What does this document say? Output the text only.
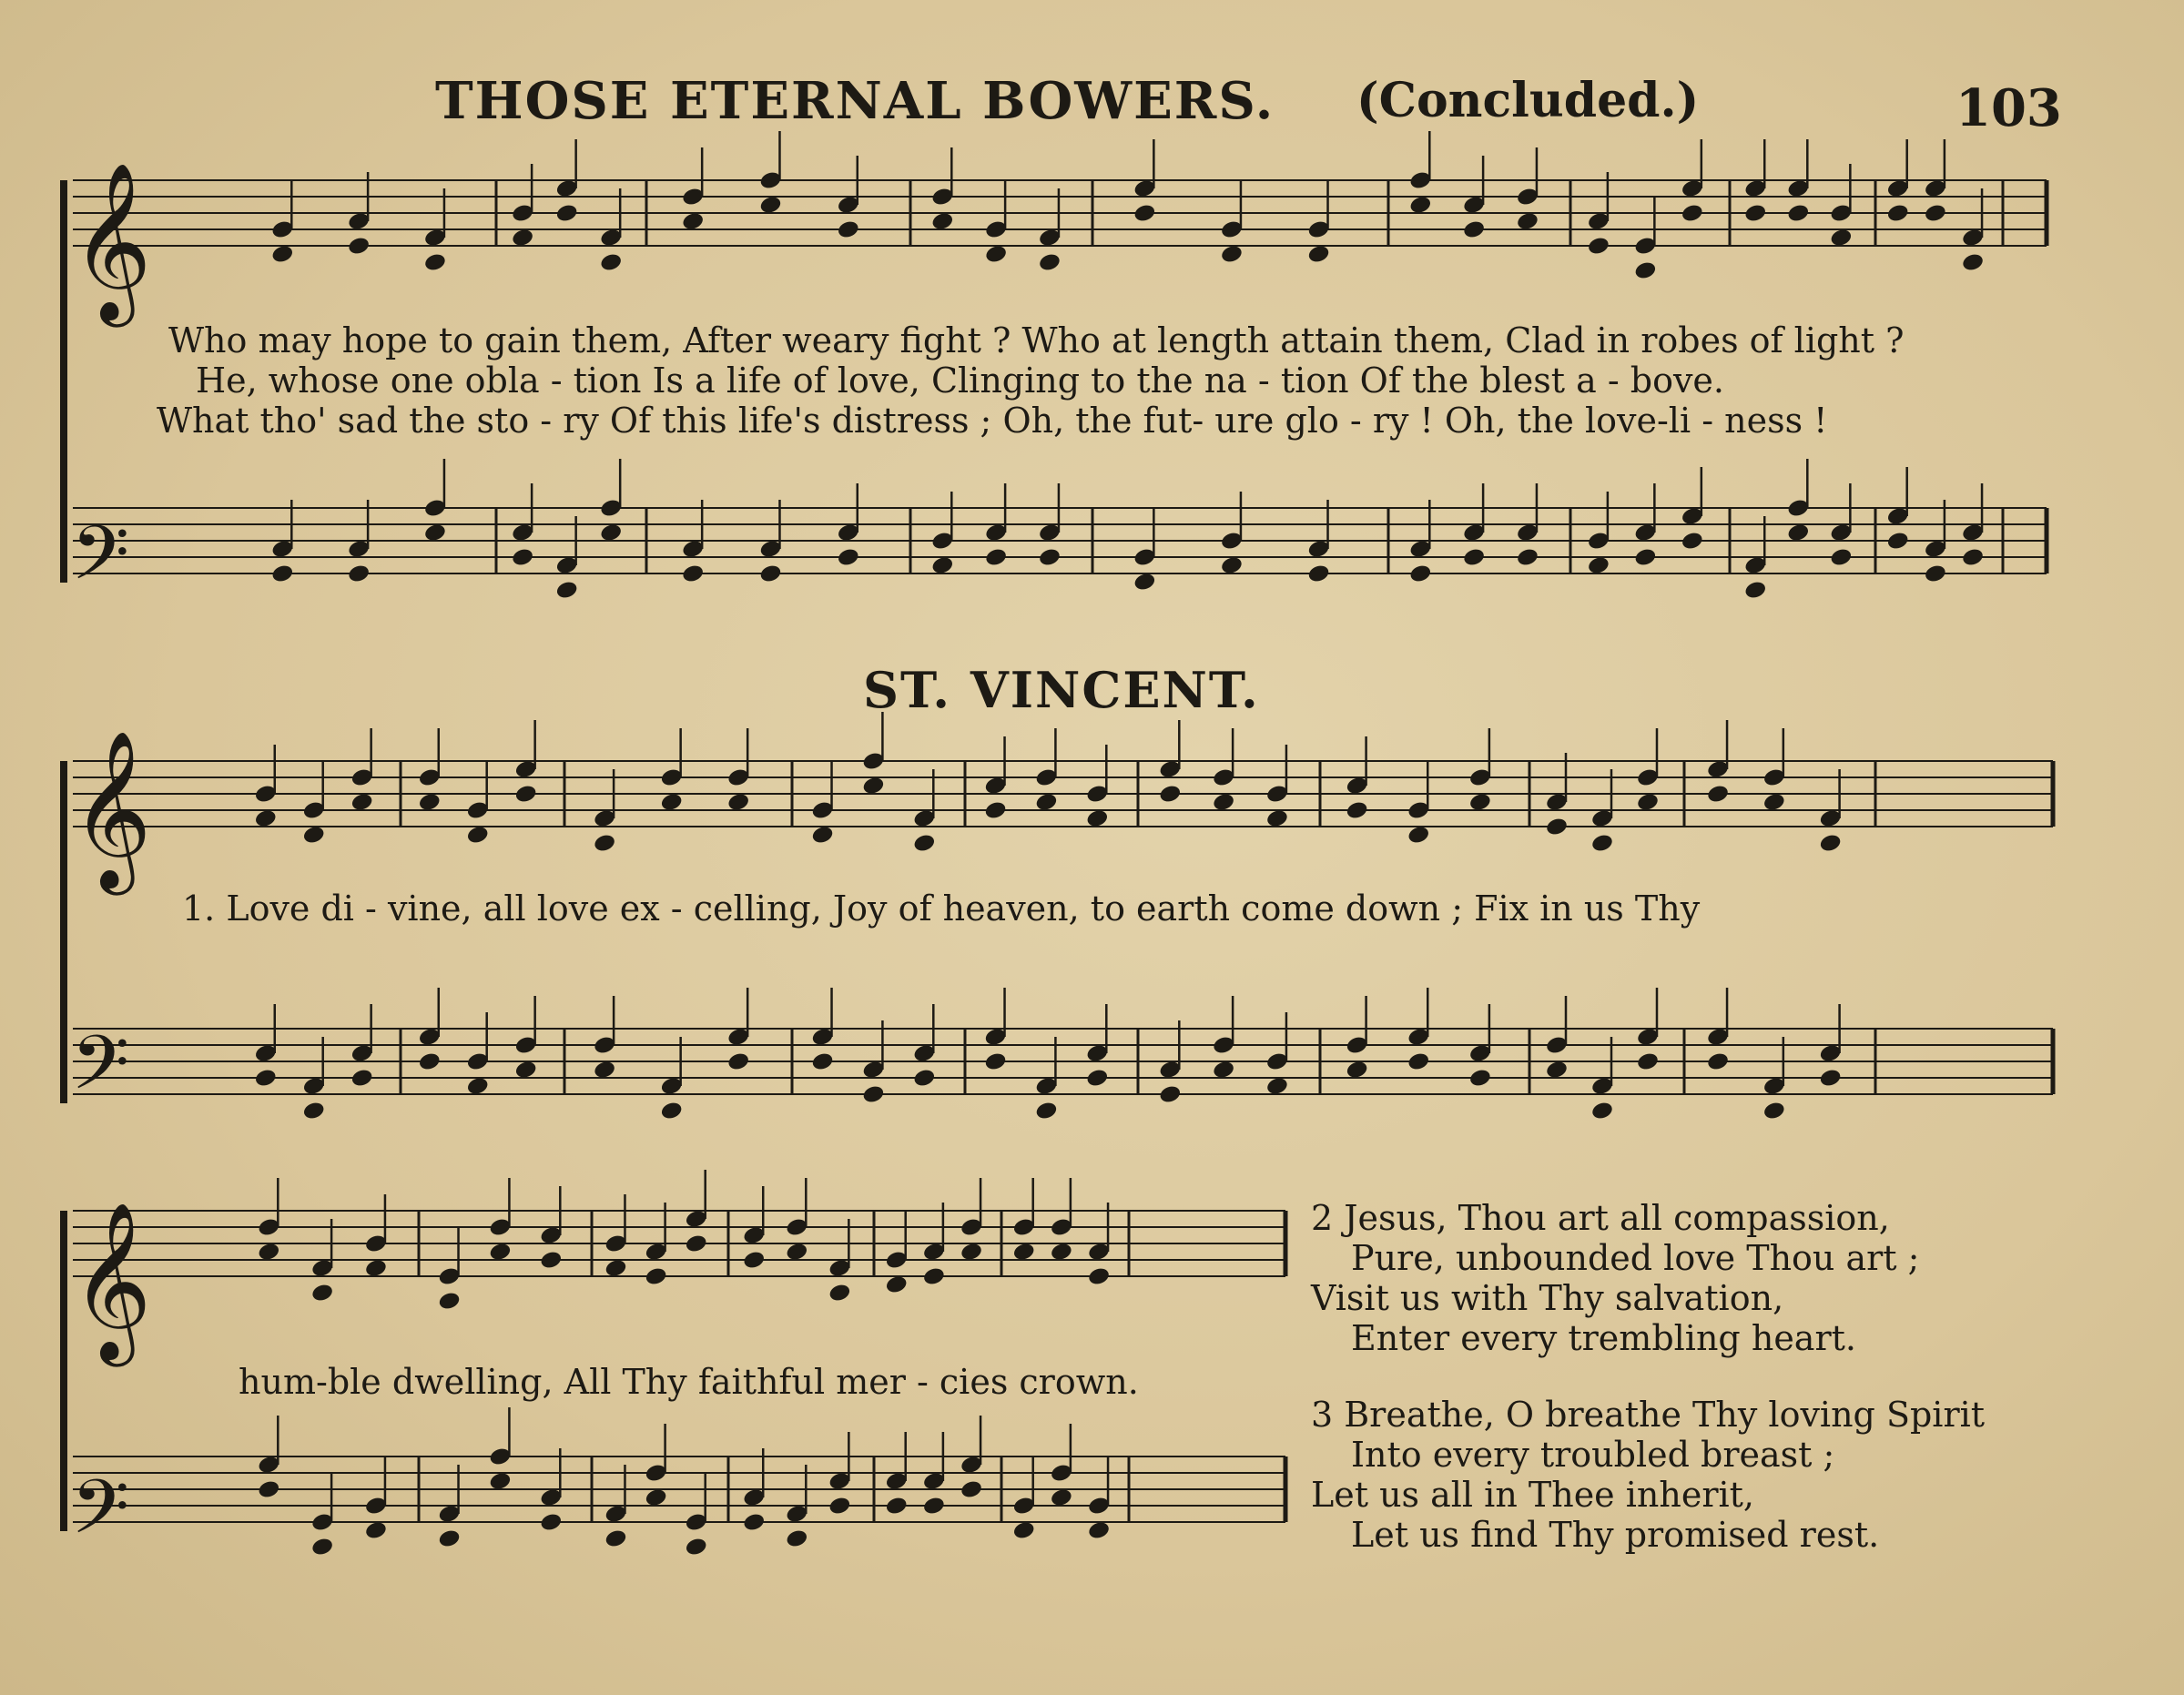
THOSE ETERNAL BOWERS. (Concluded.)	103
𝄞
𝄢
𝄞
𝄢
𝄞
𝄢
Who may hope to gain them, After weary fight ? Who at length attain them, Clad in robes of light ?
He, whose one obla - tion Is a life of love, Clinging to the na - tion Of the blest a - bove.
What tho' sad the sto - ry Of this life's distress ; Oh, the fut- ure glo - ry ! Oh, the love-li - ness !
ST. VINCENT.
1. Love di - vine, all love ex - celling, Joy of heaven, to earth come down ; Fix in us Thy
hum-ble dwelling, All Thy faithful mer - cies crown.
2 Jesus, Thou art all compassion,
Pure, unbounded love Thou art ;
Visit us with Thy salvation,
Enter every trembling heart.
3 Breathe, O breathe Thy loving Spirit
Into every troubled breast ;
Let us all in Thee inherit,
Let us find Thy promised rest.
